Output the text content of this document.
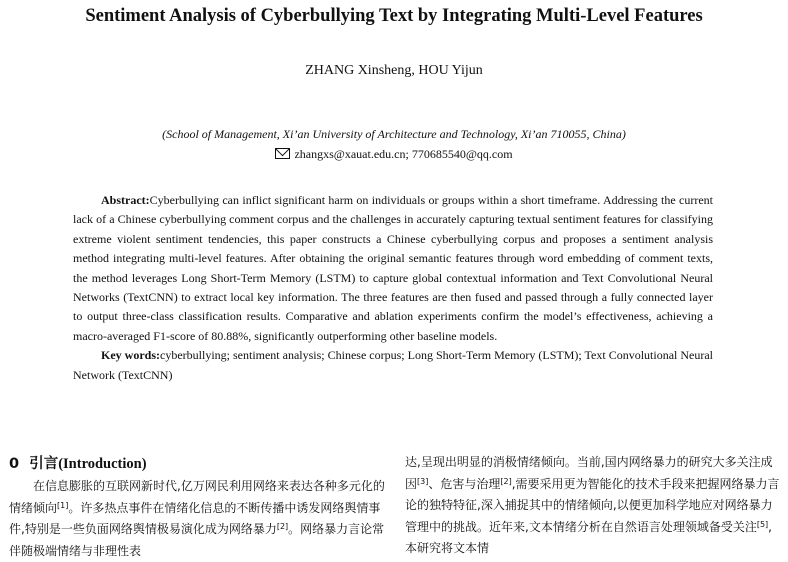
Sentiment Analysis of Cyberbullying Text by Integrating Multi-Level Features
ZHANG Xinsheng, HOU Yijun
(School of Management, Xi’an University of Architecture and Technology, Xi’an 710055, China)
zhangxs@xauat.edu.cn; 770685540@qq.com

Abstract:Cyberbullying can inflict significant harm on individuals or groups within a short timeframe. Addressing the current lack of a Chinese cyberbullying comment corpus and the challenges in accurately capturing textual sentiment features for classifying extreme violent sentiment tendencies, this paper constructs a Chinese cyberbullying corpus and proposes a sentiment analysis method integrating multi-level features. After obtaining the original semantic features through word embedding of comment texts, the method leverages Long Short-Term Memory (LSTM) to capture global contextual information and Text Convolutional Neural Networks (TextCNN) to extract local key information. The three features are then fused and passed through a fully connected layer to output three-class classification results. Comparative and ablation experiments confirm the model’s effectiveness, achieving a macro-averaged F1-score of 80.88%, significantly outperforming other baseline models.

Key words:cyberbullying; sentiment analysis; Chinese corpus; Long Short-Term Memory (LSTM); Text Convolutional Neural Network (TextCNN)

0 引言(Introduction)
在信息膨胀的互联网新时代,亿万网民利用网络来表达各种多元化的情绪倾向[1]。许多热点事件在情绪化信息的不断传播中诱发网络舆情事件,特别是一些负面网络舆情极易演化成为网络暴力[2]。网络暴力言论常伴随极端情绪与非理性表
达,呈现出明显的消极情绪倾向。当前,国内网络暴力的研究大多关注成因[3]、危害与治理[2],需要采用更为智能化的技术手段来把握网络暴力言论的独特特征,深入捕捉其中的情绪倾向,以便更加科学地应对网络暴力管理中的挑战。近年来,文本情绪分析在自然语言处理领域备受关注[5],本研究将文本情
